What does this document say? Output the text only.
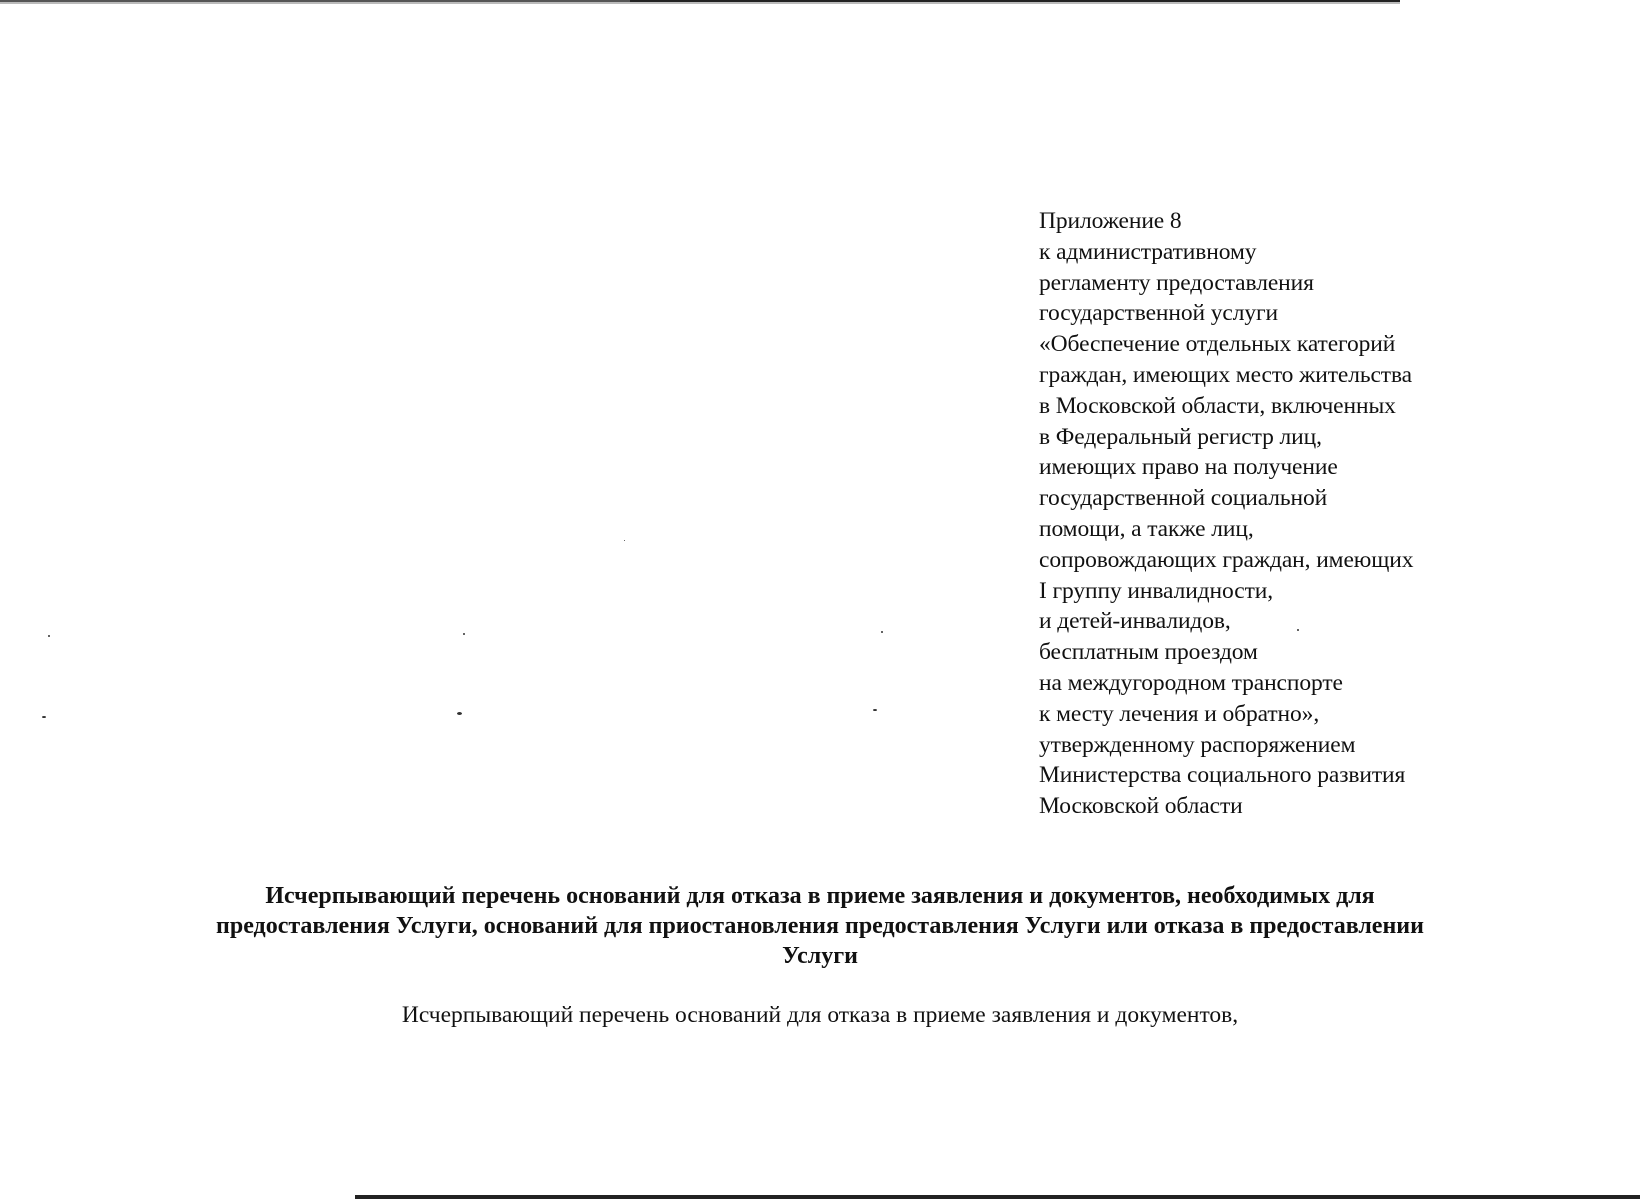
Приложение 8
к административному
регламенту предоставления
государственной услуги
«Обеспечение отдельных категорий
граждан, имеющих место жительства
в Московской области, включенных
в Федеральный регистр лиц,
имеющих право на получение
государственной социальной
помощи, а также лиц,
сопровождающих граждан, имеющих
I группу инвалидности,
и детей-инвалидов,
бесплатным проездом
на междугородном транспорте
к месту лечения и обратно»,
утвержденному распоряжением
Министерства социального развития
Московской области
Исчерпывающий перечень оснований для отказа в приеме заявления и документов, необходимых для
предоставления Услуги, оснований для приостановления предоставления Услуги или отказа в предоставлении
Услуги
Исчерпывающий перечень оснований для отказа в приеме заявления и документов,
